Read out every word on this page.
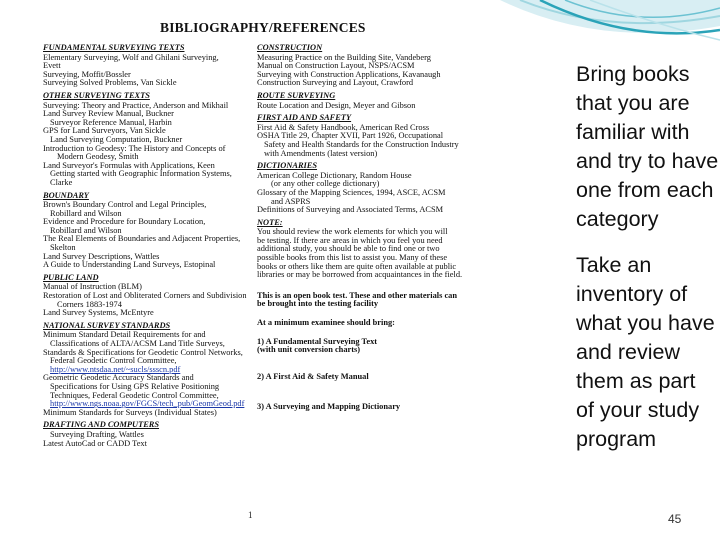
BIBLIOGRAPHY/REFERENCES
FUNDAMENTAL SURVEYING TEXTS
Elementary Surveying, Wolf and Ghilani Surveying,
Evett
Surveying, Moffit/Bossler
Surveying Solved Problems, Van Sickle
OTHER SURVEYING TEXTS
Surveying: Theory and Practice, Anderson and Mikhail
Land Survey Review Manual, Buckner
Surveyor Reference Manual, Harbin
GPS for Land Surveyors, Van Sickle
Land Surveying Computation, Buckner
Introduction to Geodesy: The History and Concepts of
Modern Geodesy, Smith
Land Surveyor's Formulas with Applications, Keen
Getting started with Geographic Information Systems,
Clarke
BOUNDARY
Brown's Boundary Control and Legal Principles,
Robillard and Wilson
Evidence and Procedure for Boundary Location,
Robillard and Wilson
The Real Elements of Boundaries and Adjacent Properties,
Skelton
Land Survey Descriptions, Wattles
A Guide to Understanding Land Surveys, Estopinal
PUBLIC LAND
Manual of Instruction (BLM)
Restoration of Lost and Obliterated Corners and Subdivision
Corners 1883-1974
Land Survey Systems, McEntyre
NATIONAL SURVEY STANDARDS
Minimum Standard Detail Requirements for and
Classifications of ALTA/ACSM Land Title Surveys,
Standards & Specifications for Geodetic Control Networks,
Federal Geodetic Control Committee,
http://www.ntsdaa.net/~sucls/ssscn.pdf
Geometric Geodetic Accuracy Standards and
Specifications for Using GPS Relative Positioning
Techniques, Federal Geodetic Control Committee,
http://www.ngs.noaa.gov/FGCS/tech_pub/GeomGeod.pdf
Minimum Standards for Surveys (Individual States)
DRAFTING AND COMPUTERS
Surveying Drafting, Wattles
Latest AutoCad or CADD Text
CONSTRUCTION
Measuring Practice on the Building Site, Vandeberg
Manual on Construction Layout, NSPS/ACSM
Surveying with Construction Applications, Kavanaugh
Construction Surveying and Layout, Crawford
ROUTE SURVEYING
Route Location and Design, Meyer and Gibson
FIRST AID AND SAFETY
First Aid & Safety Handbook, American Red Cross
OSHA Title 29, Chapter XVII, Part 1926, Occupational
Safety and Health Standards for the Construction Industry
with Amendments (latest version)
DICTIONARIES
American College Dictionary, Random House
(or any other college dictionary)
Glossary of the Mapping Sciences, 1994, ASCE, ACSM
and ASPRS
Definitions of Surveying and Associated Terms, ACSM
NOTE:
You should review the work elements for which you will
be testing. If there are areas in which you feel you need
additional study, you should be able to find one or two
possible books from this list to assist you. Many of these
books or others like them are quite often available at public
libraries or may be borrowed from acquaintances in the field.
This is an open book test. These and other materials can
be brought into the testing facility
At a minimum examinee should bring:
1) A Fundamental Surveying Text
(with unit conversion charts)
2) A First Aid & Safety Manual
3) A Surveying and Mapping Dictionary
1
Bring books
that you are
familiar with
and try to have
one from each
category
Take an
inventory of
what you have
and review
them as part
of your study
program
45
